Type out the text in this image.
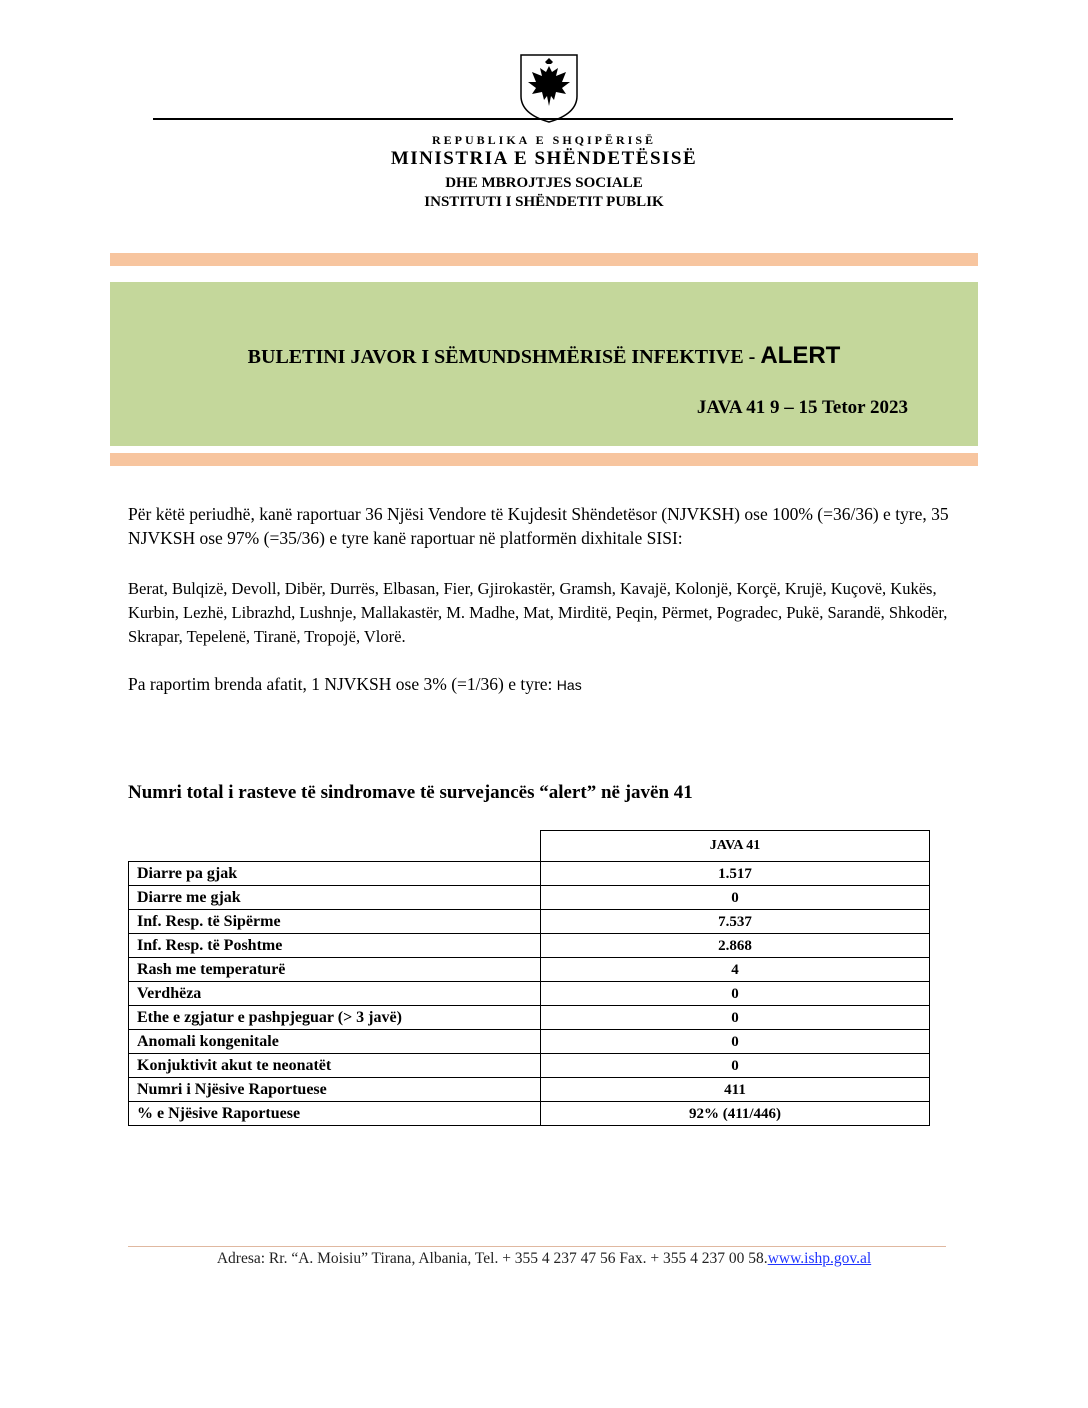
REPUBLIKA E SHQIPËRISË
MINISTRIA E SHËNDETËSISË
DHE MBROJTJES SOCIALE
INSTITUTI I SHËNDETIT PUBLIK
BULETINI JAVOR I SËMUNDSHMËRISË INFEKTIVE - ALERT
JAVA 41 9 – 15 Tetor 2023
Për këtë periudhë, kanë raportuar 36 Njësi Vendore të Kujdesit Shëndetësor (NJVKSH) ose 100% (=36/36) e tyre, 35 NJVKSH ose 97% (=35/36) e tyre kanë raportuar në platformën dixhitale SISI:
Berat, Bulqizë, Devoll, Dibër, Durrës, Elbasan, Fier, Gjirokastër, Gramsh, Kavajë, Kolonjë, Korçë, Krujë, Kuçovë, Kukës, Kurbin, Lezhë, Librazhd, Lushnje, Mallakastër, M. Madhe, Mat, Mirditë, Peqin, Përmet, Pogradec, Pukë, Sarandë, Shkodër, Skrapar, Tepelenë, Tiranë, Tropojë, Vlorë.
Pa raportim brenda afatit, 1 NJVKSH ose 3% (=1/36) e tyre: Has
Numri total i rasteve të sindromave të survejancës “alert” në javën 41
	JAVA 41
Diarre pa gjak	1.517
Diarre me gjak	0
Inf. Resp. të Sipërme	7.537
Inf. Resp. të Poshtme	2.868
Rash me temperaturë	4
Verdhëza	0
Ethe e zgjatur e pashpjeguar (> 3 javë)	0
Anomali kongenitale	0
Konjuktivit akut te neonatët	0
Numri i Njësive Raportuese	411
% e Njësive Raportuese	92% (411/446)
Adresa: Rr. “A. Moisiu” Tirana, Albania, Tel. + 355 4 237 47 56 Fax. + 355 4 237 00 58.www.ishp.gov.al
